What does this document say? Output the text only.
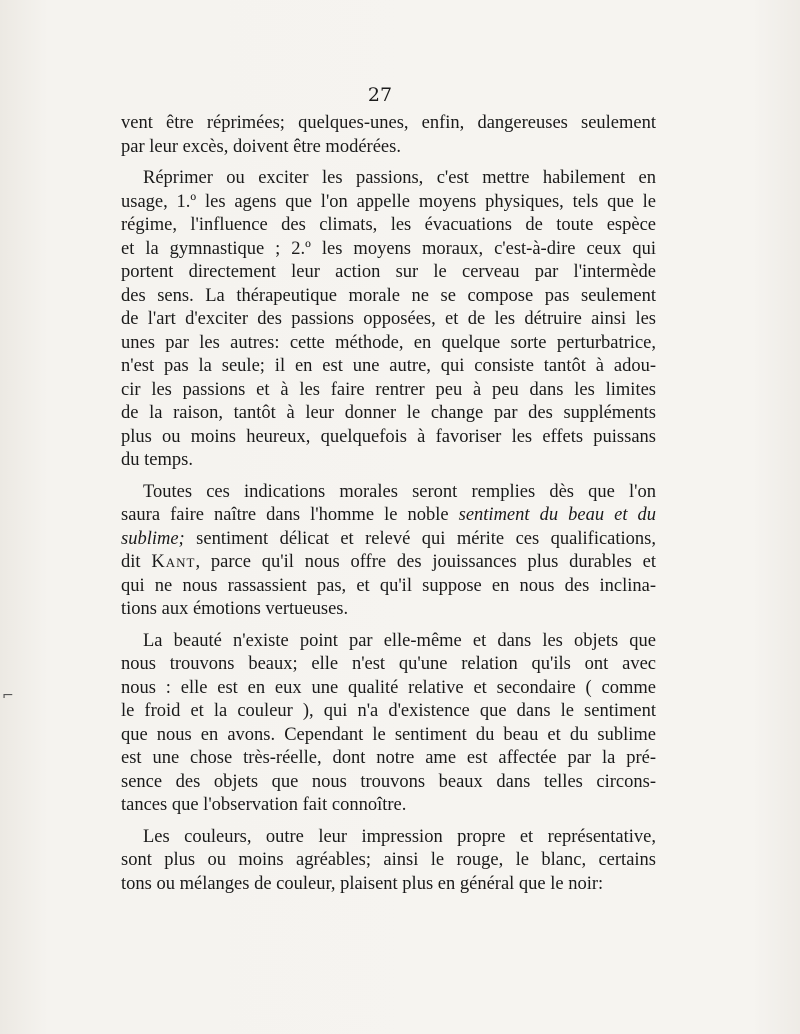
27
vent être réprimées; quelques-unes, enfin, dangereuses seulement
par leur excès, doivent être modérées.
Réprimer ou exciter les passions, c'est mettre habilement en
usage, 1.º les agens que l'on appelle moyens physiques, tels que le
régime, l'influence des climats, les évacuations de toute espèce
et la gymnastique ; 2.º les moyens moraux, c'est-à-dire ceux qui
portent directement leur action sur le cerveau par l'intermède
des sens. La thérapeutique morale ne se compose pas seulement
de l'art d'exciter des passions opposées, et de les détruire ainsi les
unes par les autres: cette méthode, en quelque sorte perturbatrice,
n'est pas la seule; il en est une autre, qui consiste tantôt à adou-
cir les passions et à les faire rentrer peu à peu dans les limites
de la raison, tantôt à leur donner le change par des suppléments
plus ou moins heureux, quelquefois à favoriser les effets puissans
du temps.
Toutes ces indications morales seront remplies dès que l'on
saura faire naître dans l'homme le noble sentiment du beau et du
sublime; sentiment délicat et relevé qui mérite ces qualifications,
dit Kant, parce qu'il nous offre des jouissances plus durables et
qui ne nous rassassient pas, et qu'il suppose en nous des inclina-
tions aux émotions vertueuses.
La beauté n'existe point par elle-même et dans les objets que
nous trouvons beaux; elle n'est qu'une relation qu'ils ont avec
nous : elle est en eux une qualité relative et secondaire ( comme
le froid et la couleur ), qui n'a d'existence que dans le sentiment
que nous en avons. Cependant le sentiment du beau et du sublime
est une chose très-réelle, dont notre ame est affectée par la pré-
sence des objets que nous trouvons beaux dans telles circons-
tances que l'observation fait connoître.
Les couleurs, outre leur impression propre et représentative,
sont plus ou moins agréables; ainsi le rouge, le blanc, certains
tons ou mélanges de couleur, plaisent plus en général que le noir:
⌐
